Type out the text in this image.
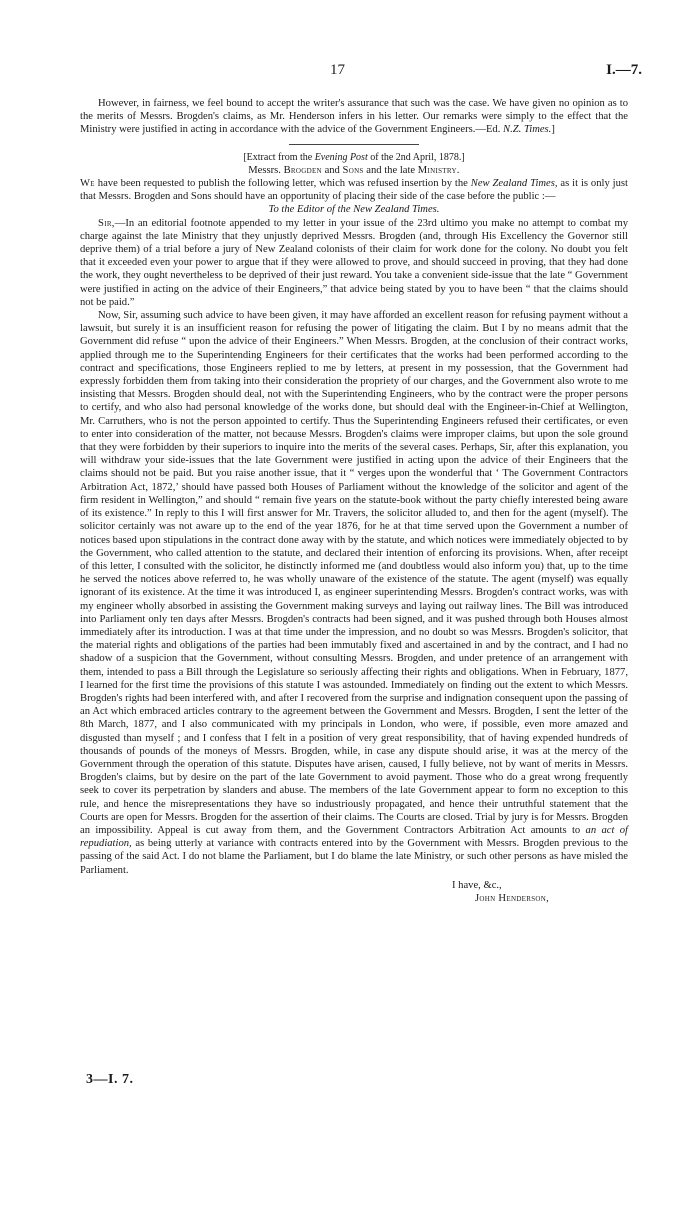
17	I.—7.

However, in fairness, we feel bound to accept the writer's assurance that such was the case. We have given no opinion as to the merits of Messrs. Brogden's claims, as Mr. Henderson infers in his letter. Our remarks were simply to the effect that the Ministry were justified in acting in accordance with the advice of the Government Engineers.—Ed. N.Z. Times.]

[Extract from the Evening Post of the 2nd April, 1878.]

Messrs. Brogden and Sons and the late Ministry.

We have been requested to publish the following letter, which was refused insertion by the New Zealand Times, as it is only just that Messrs. Brogden and Sons should have an opportunity of placing their side of the case before the public :—

To the Editor of the New Zealand Times.

Sir,—In an editorial footnote appended to my letter in your issue of the 23rd ultimo you make no attempt to combat my charge against the late Ministry that they unjustly deprived Messrs. Brogden (and, through His Excellency the Governor still deprive them) of a trial before a jury of New Zealand colonists of their claim for work done for the colony. No doubt you felt that it exceeded even your power to argue that if they were allowed to prove, and should succeed in proving, that they had done the work, they ought nevertheless to be deprived of their just reward. You take a convenient side-issue that the late “ Government were justified in acting on the advice of their Engineers,” that advice being stated by you to have been “ that the claims should not be paid.”

Now, Sir, assuming such advice to have been given, it may have afforded an excellent reason for refusing payment without a lawsuit, but surely it is an insufficient reason for refusing the power of litigating the claim. But I by no means admit that the Government did refuse “ upon the advice of their Engineers.” When Messrs. Brogden, at the conclusion of their contract works, applied through me to the Superintending Engineers for their certificates that the works had been performed according to the contract and specifications, those Engineers replied to me by letters, at present in my possession, that the Government had expressly forbidden them from taking into their consideration the propriety of our charges, and the Government also wrote to me insisting that Messrs. Brogden should deal, not with the Superintending Engineers, who by the contract were the proper persons to certify, and who also had personal knowledge of the works done, but should deal with the Engineer-in-Chief at Wellington, Mr. Carruthers, who is not the person appointed to certify. Thus the Superintending Engineers refused their certificates, or even to enter into consideration of the matter, not because Messrs. Brogden's claims were improper claims, but upon the sole ground that they were forbidden by their superiors to inquire into the merits of the several cases. Perhaps, Sir, after this explanation, you will withdraw your side-issues that the late Government were justified in acting upon the advice of their Engineers that the claims should not be paid. But you raise another issue, that it “ verges upon the wonderful that ‘ The Government Contractors Arbitration Act, 1872,’ should have passed both Houses of Parliament without the knowledge of the solicitor and agent of the firm resident in Wellington,” and should “ remain five years on the statute-book without the party chiefly interested being aware of its existence.” In reply to this I will first answer for Mr. Travers, the solicitor alluded to, and then for the agent (myself). The solicitor certainly was not aware up to the end of the year 1876, for he at that time served upon the Government a number of notices based upon stipulations in the contract done away with by the statute, and which notices were immediately objected to by the Government, who called attention to the statute, and declared their intention of enforcing its provisions. When, after receipt of this letter, I consulted with the solicitor, he distinctly informed me (and doubtless would also inform you) that, up to the time he served the notices above referred to, he was wholly unaware of the existence of the statute. The agent (myself) was equally ignorant of its existence. At the time it was introduced I, as engineer superintending Messrs. Brogden's contract works, was with my engineer wholly absorbed in assisting the Government making surveys and laying out railway lines. The Bill was introduced into Parliament only ten days after Messrs. Brogden's contracts had been signed, and it was pushed through both Houses almost immediately after its introduction. I was at that time under the impression, and no doubt so was Messrs. Brogden's solicitor, that the material rights and obligations of the parties had been immutably fixed and ascertained in and by the contract, and I had no shadow of a suspicion that the Government, without consulting Messrs. Brogden, and under pretence of an arrangement with them, intended to pass a Bill through the Legislature so seriously affecting their rights and obligations. When in February, 1877, I learned for the first time the provisions of this statute I was astounded. Immediately on finding out the extent to which Messrs. Brogden's rights had been interfered with, and after I recovered from the surprise and indignation consequent upon the passing of an Act which embraced articles contrary to the agreement between the Government and Messrs. Brogden, I sent the letter of the 8th March, 1877, and I also communicated with my principals in London, who were, if possible, even more amazed and disgusted than myself ; and I confess that I felt in a position of very great responsibility, that of having expended hundreds of thousands of pounds of the moneys of Messrs. Brogden, while, in case any dispute should arise, it was at the mercy of the Government through the operation of this statute. Disputes have arisen, caused, I fully believe, not by want of merits in Messrs. Brogden's claims, but by desire on the part of the late Government to avoid payment. Those who do a great wrong frequently seek to cover its perpetration by slanders and abuse. The members of the late Government appear to form no exception to this rule, and hence the misrepresentations they have so industriously propagated, and hence their untruthful statement that the Courts are open for Messrs. Brogden for the assertion of their claims. The Courts are closed. Trial by jury is for Messrs. Brogden an impossibility. Appeal is cut away from them, and the Government Contractors Arbitration Act amounts to an act of repudiation, as being utterly at variance with contracts entered into by the Government with Messrs. Brogden previous to the passing of the said Act. I do not blame the Parliament, but I do blame the late Ministry, or such other persons as have misled the Parliament.

I have, &c.,

John Henderson,

3—I. 7.
